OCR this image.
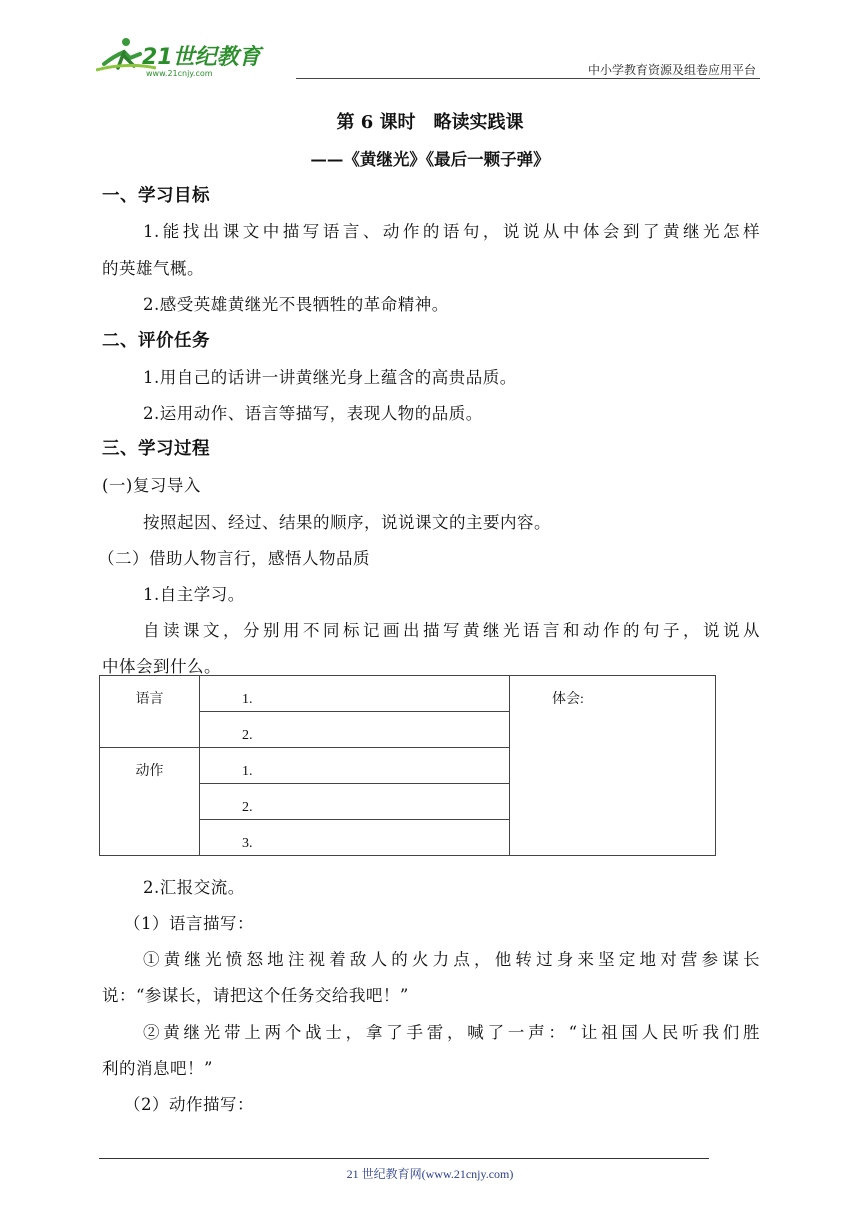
21世纪教育
www.21cnjy.com	中小学教育资源及组卷应用平台
第 6 课时　略读实践课
——《黄继光》《最后一颗子弹》
一、学习目标
1.能找出课文中描写语言、动作的语句，说说从中体会到了黄继光怎样
的英雄气概。
2.感受英雄黄继光不畏牺牲的革命精神。
二、评价任务
1.用自己的话讲一讲黄继光身上蕴含的高贵品质。
2.运用动作、语言等描写，表现人物的品质。
三、学习过程
(一)复习导入
按照起因、经过、结果的顺序，说说课文的主要内容。
（二）借助人物言行，感悟人物品质
1.自主学习。
自读课文，分别用不同标记画出描写黄继光语言和动作的句子，说说从
中体会到什么。
语言	1.	体会:
	2.	
动作	1.	
	2.	
	3.	
2.汇报交流。
（1）语言描写：
①黄继光愤怒地注视着敌人的火力点，他转过身来坚定地对营参谋长
说：“参谋长，请把这个任务交给我吧！”
②黄继光带上两个战士，拿了手雷，喊了一声：“让祖国人民听我们胜
利的消息吧！”
（2）动作描写：
21 世纪教育网(www.21cnjy.com)
